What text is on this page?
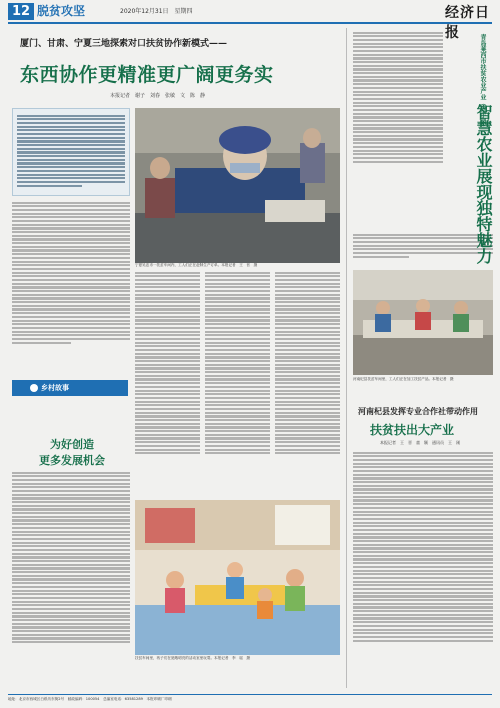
12 脱贫攻坚	2020年12月31日　星期四	经济日报
厦门、甘肃、宁夏三地探索对口扶贫协作新模式——
东西协作更精准更广阔更务实
本报记者　谢子　刘春　张敏　文　陈　静
宁夏吴忠市一扶贫车间内，工人们正在赶制生产订单。本报记者　王　晋　摄
乡村故事
为好创造
更多发展机会
扶贫车间里，孩子们在宽敞明亮的活动室里玩耍。本报记者　李　瑶　摄
智慧农业展现独特魅力
青岛莱西市扶贫农业产业（先手园）
河南杞县扶贫车间里，工人们正在加工扶贫产品。本报记者　摄
河南杞县发挥专业合作社带动作用
扶贫扶出大产业
本报记者　王　晋　童　颖　通讯员　王　刚
地址：北京市西城区白纸坊东街2号　邮政编码：100054　总编室电话：63581289　本报印刷厂印刷
